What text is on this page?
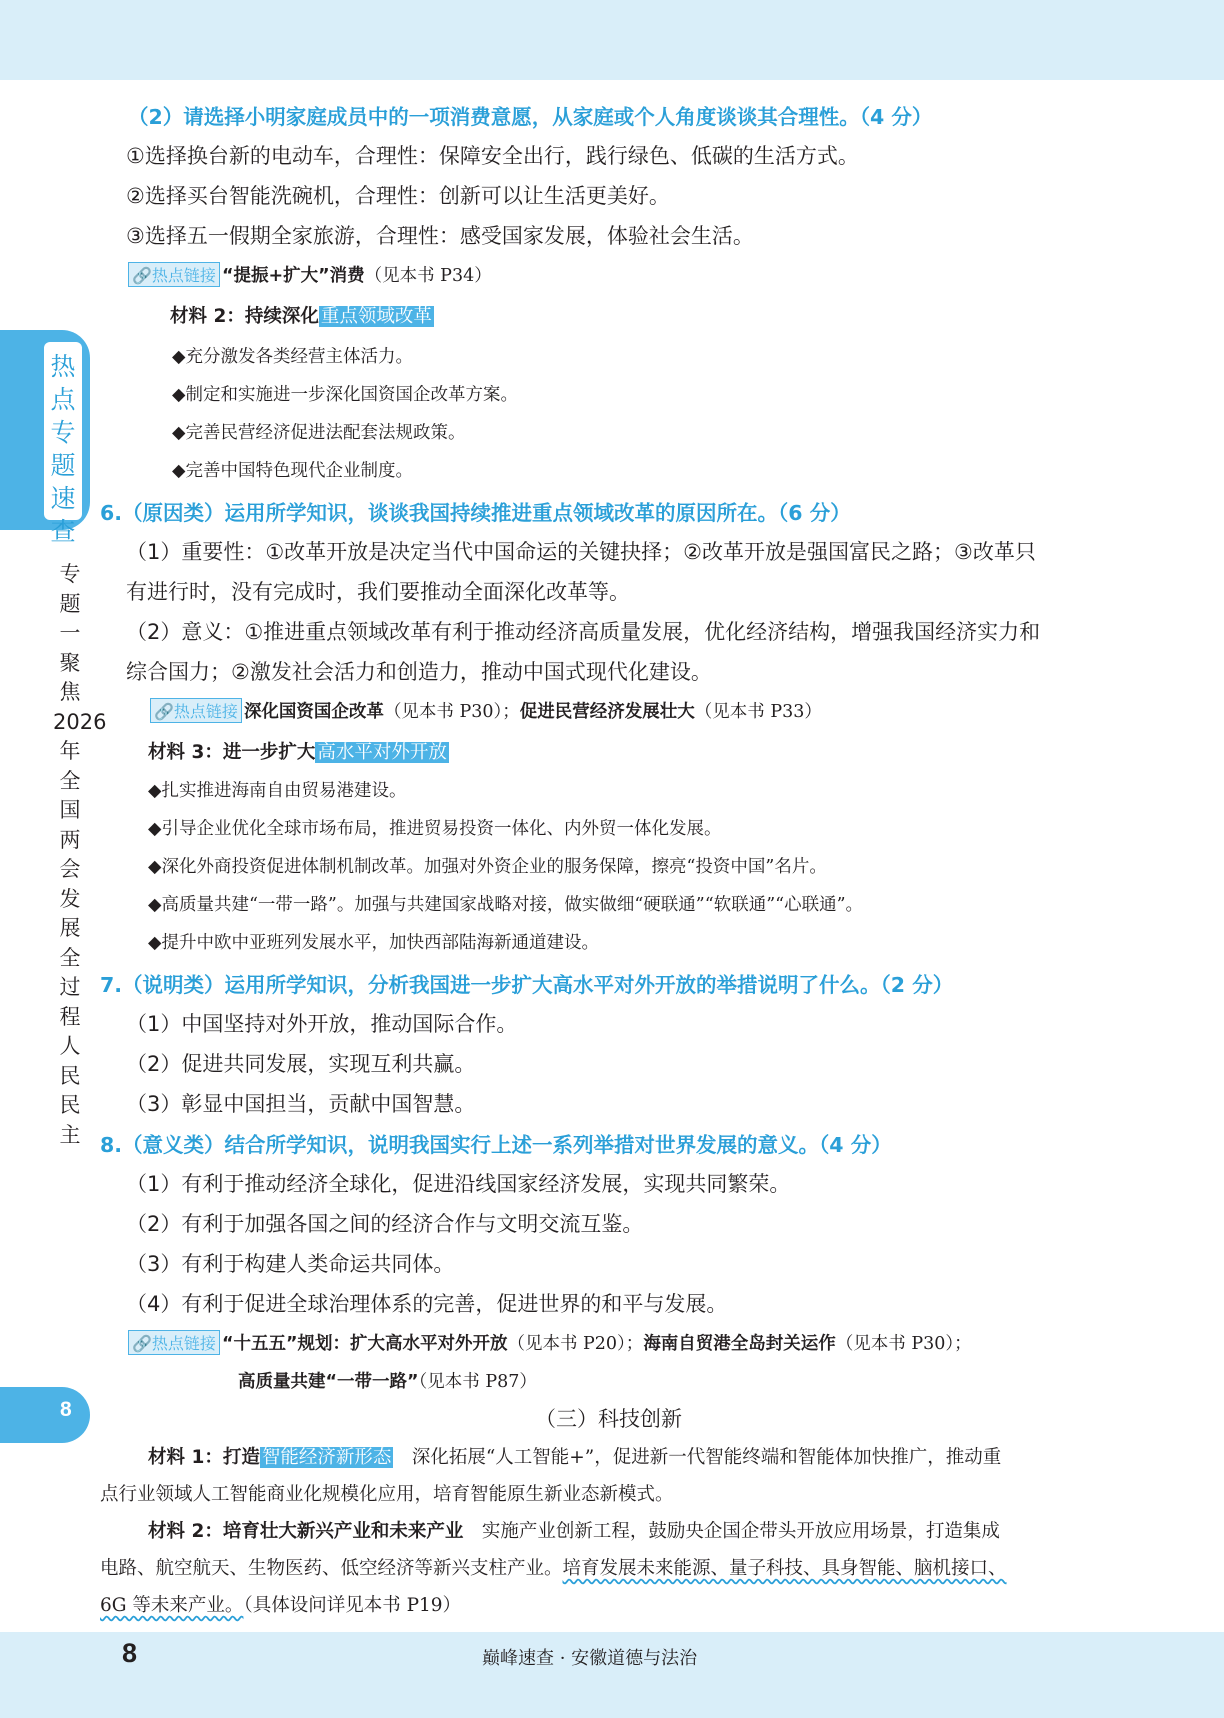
热点专题速查
专题一 聚焦2026年全国两会 发展全过程人民民主
8
（2）请选择小明家庭成员中的一项消费意愿，从家庭或个人角度谈谈其合理性。（4 分）
①选择换台新的电动车，合理性：保障安全出行，践行绿色、低碳的生活方式。
②选择买台智能洗碗机，合理性：创新可以让生活更美好。
③选择五一假期全家旅游，合理性：感受国家发展，体验社会生活。
🔗热点链接 “提振+扩大”消费（见本书 P34）
材料 2：持续深化 重点领域改革
◆充分激发各类经营主体活力。
◆制定和实施进一步深化国资国企改革方案。
◆完善民营经济促进法配套法规政策。
◆完善中国特色现代企业制度。
6.（原因类）运用所学知识，谈谈我国持续推进重点领域改革的原因所在。（6 分）
（1）重要性：①改革开放是决定当代中国命运的关键抉择；②改革开放是强国富民之路；③改革只
有进行时，没有完成时，我们要推动全面深化改革等。
（2）意义：①推进重点领域改革有利于推动经济高质量发展，优化经济结构，增强我国经济实力和
综合国力；②激发社会活力和创造力，推动中国式现代化建设。
🔗热点链接 深化国资国企改革（见本书 P30）；促进民营经济发展壮大（见本书 P33）
材料 3：进一步扩大 高水平对外开放
◆扎实推进海南自由贸易港建设。
◆引导企业优化全球市场布局，推进贸易投资一体化、内外贸一体化发展。
◆深化外商投资促进体制机制改革。加强对外资企业的服务保障，擦亮“投资中国”名片。
◆高质量共建“一带一路”。加强与共建国家战略对接，做实做细“硬联通”“软联通”“心联通”。
◆提升中欧中亚班列发展水平，加快西部陆海新通道建设。
7.（说明类）运用所学知识，分析我国进一步扩大高水平对外开放的举措说明了什么。（2 分）
（1）中国坚持对外开放，推动国际合作。
（2）促进共同发展，实现互利共赢。
（3）彰显中国担当，贡献中国智慧。
8.（意义类）结合所学知识，说明我国实行上述一系列举措对世界发展的意义。（4 分）
（1）有利于推动经济全球化，促进沿线国家经济发展，实现共同繁荣。
（2）有利于加强各国之间的经济合作与文明交流互鉴。
（3）有利于构建人类命运共同体。
（4）有利于促进全球治理体系的完善，促进世界的和平与发展。
🔗热点链接 “十五五”规划：扩大高水平对外开放（见本书 P20）；海南自贸港全岛封关运作（见本书 P30）；
高质量共建“一带一路”（见本书 P87）
（三）科技创新
材料 1：打造 智能经济新形态　深化拓展“人工智能+”，促进新一代智能终端和智能体加快推广，推动重
点行业领域人工智能商业化规模化应用，培育智能原生新业态新模式。
材料 2：培育壮大新兴产业和未来产业　实施产业创新工程，鼓励央企国企带头开放应用场景，打造集成
电路、航空航天、生物医药、低空经济等新兴支柱产业。培育发展未来能源、量子科技、具身智能、脑机接口、
6G 等未来产业。（具体设问详见本书 P19）
8	巅峰速查 · 安徽道德与法治
